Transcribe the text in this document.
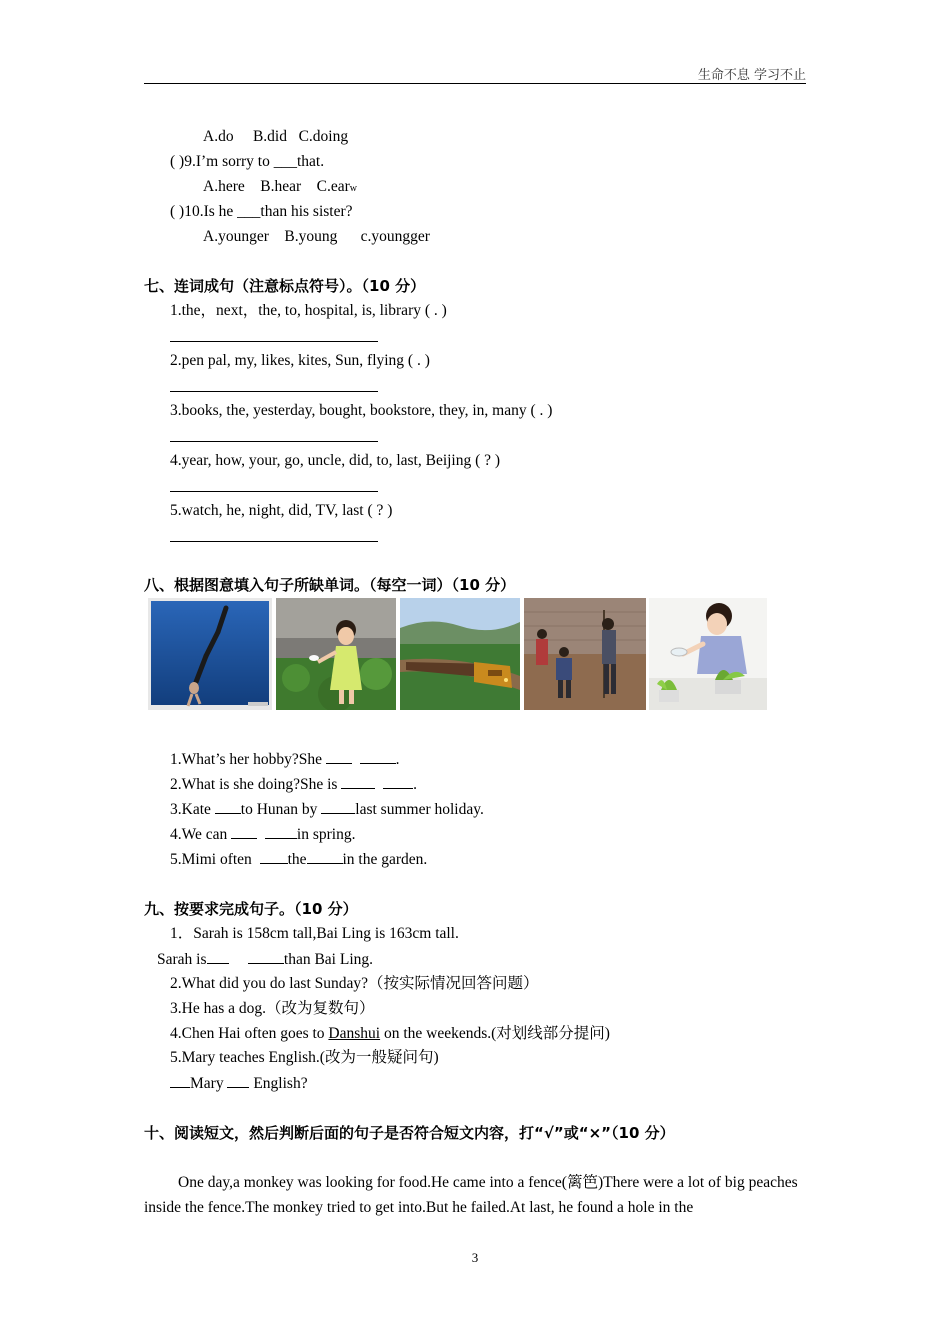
生命不息 学习不止
A.do     B.did   C.doing
( )9.I’m sorry to ___that.
A.here    B.hear    C.earw
( )10.Is he ___than his sister?
A.younger    B.young      c.youngger
七、连词成句（注意标点符号）。（10 分）
1.the，next，the, to, hospital, is, library ( . )
2.pen pal, my, likes, kites, Sun, flying ( . )
3.books, the, yesterday, bought, bookstore, they, in, many ( . )
4.year, how, your, go, uncle, did, to, last, Beijing ( ? )
5.watch, he, night, did, TV, last ( ? )
八、根据图意填入句子所缺单词。（每空一词）（10 分）
1.What’s her hobby?She	.
2.What is she doing?She is	.
3.Kate to Hunan by last summer holiday.
4.We can	in spring.
5.Mimi often  the in the garden.
九、按要求完成句子。（10 分）
1．Sarah is 158cm tall,Bai Ling is 163cm tall.
Sarah is	than Bai Ling.
2.What did you do last Sunday?（按实际情况回答问题）
3.He has a dog.（改为复数句）
4.Chen Hai often goes to Danshui on the weekends.(对划线部分提问)
5.Mary teaches English.(改为一般疑问句)
Mary  English?
十、阅读短文，然后判断后面的句子是否符合短文内容，打“√”或“×”（10 分）
One day,a monkey was looking for food.He came into a fence(篱笆)There were a lot of big peaches inside the fence.The monkey tried to get into.But he failed.At last, he found a hole in the
3
